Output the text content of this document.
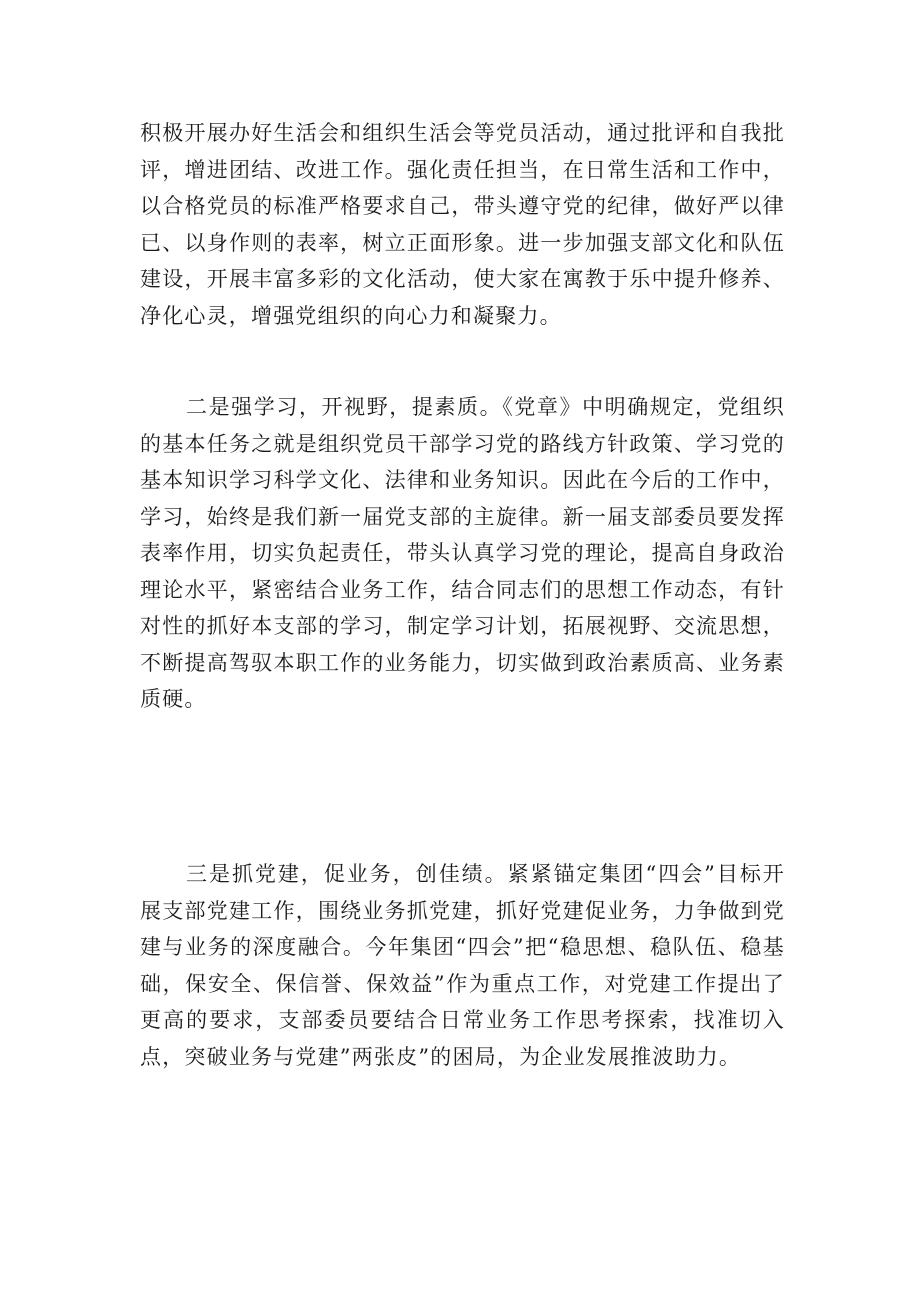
积极开展办好生活会和组织生活会等党员活动，通过批评和自我批评，增进团结、改进工作。强化责任担当，在日常生活和工作中，以合格党员的标准严格要求自己，带头遵守党的纪律，做好严以律已、以身作则的表率，树立正面形象。进一步加强支部文化和队伍建设，开展丰富多彩的文化活动，使大家在寓教于乐中提升修养、净化心灵，增强党组织的向心力和凝聚力。

二是强学习，开视野，提素质。《党章》中明确规定，党组织的基本任务之就是组织党员干部学习党的路线方针政策、学习党的基本知识学习科学文化、法律和业务知识。因此在今后的工作中，学习，始终是我们新一届党支部的主旋律。新一届支部委员要发挥表率作用，切实负起责任，带头认真学习党的理论，提高自身政治理论水平，紧密结合业务工作，结合同志们的思想工作动态，有针对性的抓好本支部的学习，制定学习计划，拓展视野、交流思想，不断提高驾驭本职工作的业务能力，切实做到政治素质高、业务素质硬。

三是抓党建，促业务，创佳绩。紧紧锚定集团“四会”目标开展支部党建工作，围绕业务抓党建，抓好党建促业务，力争做到党建与业务的深度融合。今年集团“四会”把“稳思想、稳队伍、稳基础，保安全、保信誉、保效益”作为重点工作，对党建工作提出了更高的要求，支部委员要结合日常业务工作思考探索，找准切入点，突破业务与党建”两张皮”的困局，为企业发展推波助力。
